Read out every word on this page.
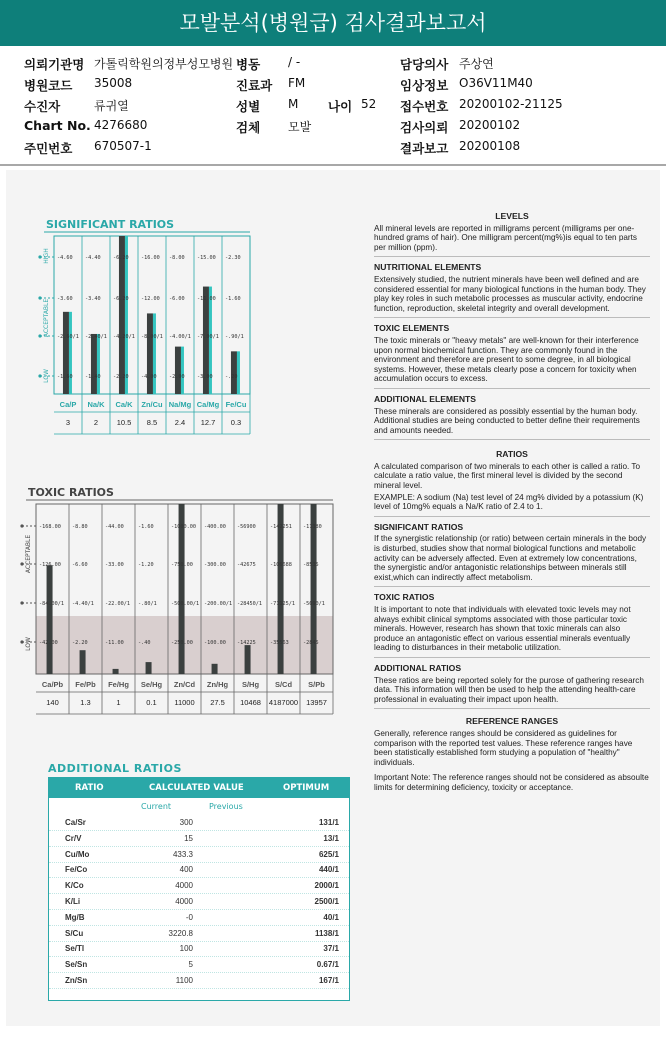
모발분석(병원급) 검사결과보고서
의뢰기관명 가톨릭학원의정부성모병원 병동 / -	담당의사 주상연
병원코드 35008	진료과 FM	임상정보 O36V11M40
수진자	류귀열	성별 M 나이 52 접수번호 20200102-21125
Chart No. 4276680	검체 모발	검사의뢰 20200102
주민번호 670507-1	결과보고 20200108
SIGNIFICANT RATIOS
HIGH
ACCEPTABLE
LOW
-4.60
-3.60
-2.60/1
-1.60
Ca/P
3
-4.40
-3.40
-2.40/1
-1.40
Na/K
2
-6.20
-6.20
-4.20/1
-2.20
Ca/K
10.5
-16.00
-12.00
-8.00/1
-4.00
Zn/Cu
8.5
-8.00
-6.00
-4.00/1
-2.00
Na/Mg
2.4
-15.00
-11.00
-7.00/1
-3.00
Ca/Mg
12.7
-2.30
-1.60
-.90/1
-.20
Fe/Cu
0.3
TOXIC RATIOS
ACCEPTABLE
LOW
-168.00
-126.00
-84.00/1
-42.00
Ca/Pb
140
-8.80
-6.60
-4.40/1
-2.20
Fe/Pb
1.3
-44.00
-33.00
-22.00/1
-11.00
Fe/Hg
1
-1.60
-1.20
-.80/1
-.40
Se/Hg
0.1
-1000.00
-750.00
-500.00/1
-250.00
Zn/Cd
11000
-400.00
-300.00
-200.00/1
-100.00
Zn/Hg
27.5
-56900
-42675
-28450/1
-14225
S/Hg
10468
-142251
-106688
-71125/1
-35563
S/Cd
4187000
-11380
-8535
-5690/1
-2845
S/Pb
13957
ADDITIONAL RATIOS
RATIO	CALCULATED VALUE	OPTIMUM
Current	Previous
Ca/Sr	300	131/1
Cr/V	15	13/1
Cu/Mo	433.3	625/1
Fe/Co	400	440/1
K/Co	4000	2000/1
K/Li	4000	2500/1
Mg/B	-0	40/1
S/Cu	3220.8	1138/1
Se/Tl	100	37/1
Se/Sn	5	0.67/1
Zn/Sn	1100	167/1
LEVELS
All mineral levels are reported in milligrams percent (milligrams per one-hundred grams of hair). One milligram percent(mg%)is equal to ten parts per million (ppm).
NUTRITIONAL ELEMENTS
Extensively studied, the nutrient minerals have been well defined and are considered essential for many biological functions in the human body. They play key roles in such metabolic processes as muscular activity, endocrine function, reproduction, skeletal integrity and overall development.
TOXIC ELEMENTS
The toxic minerals or "heavy metals" are well-known for their interference upon normal biochemical function. They are commonly found in the environment and therefore are present to some degree, in all biological systems. However, these metals clearly pose a concern for toxicity when accumulation occurs to excess.
ADDITIONAL ELEMENTS
These minerals are considered as possibly essential by the human body. Additional studies are being conducted to better define their requirements and amounts needed.
RATIOS
A calculated comparison of two minerals to each other is called a ratio. To calculate a ratio value, the first mineral level is divided by the second mineral level.
EXAMPLE: A sodium (Na) test level of 24 mg% divided by a potassium (K) level of 10mg% equals a Na/K ratio of 2.4 to 1.
SIGNIFICANT RATIOS
If the synergistic relationship (or ratio) between certain minerals in the body is disturbed, studies show that normal biological functions and metabolic activity can be adversely affected. Even at extremely low concentrations, the synergistic and/or antagonistic relationships between minerals still exist,which can indirectly affect metabolism.
TOXIC RATIOS
It is important to note that individuals with elevated toxic levels may not always exhibit clinical symptoms associated with those particular toxic minerals. However, research has shown that toxic minerals can also produce an antagonistic effect on various essential minerals eventually leading to disturbances in their metabolic utilization.
ADDITIONAL RATIOS
These ratios are being reported solely for the purose of gathering research data. This information will then be used to help the attending health-care professional in evaluating their impact upon health.
REFERENCE RANGES
Generally, reference ranges should be considered as guidelines for comparison with the reported test values. These reference ranges have been statistically established form studying a population of "healthy" individuals.
Important Note: The reference ranges should not be considered as absoulte limits for determining deficiency, toxicity or acceptance.
